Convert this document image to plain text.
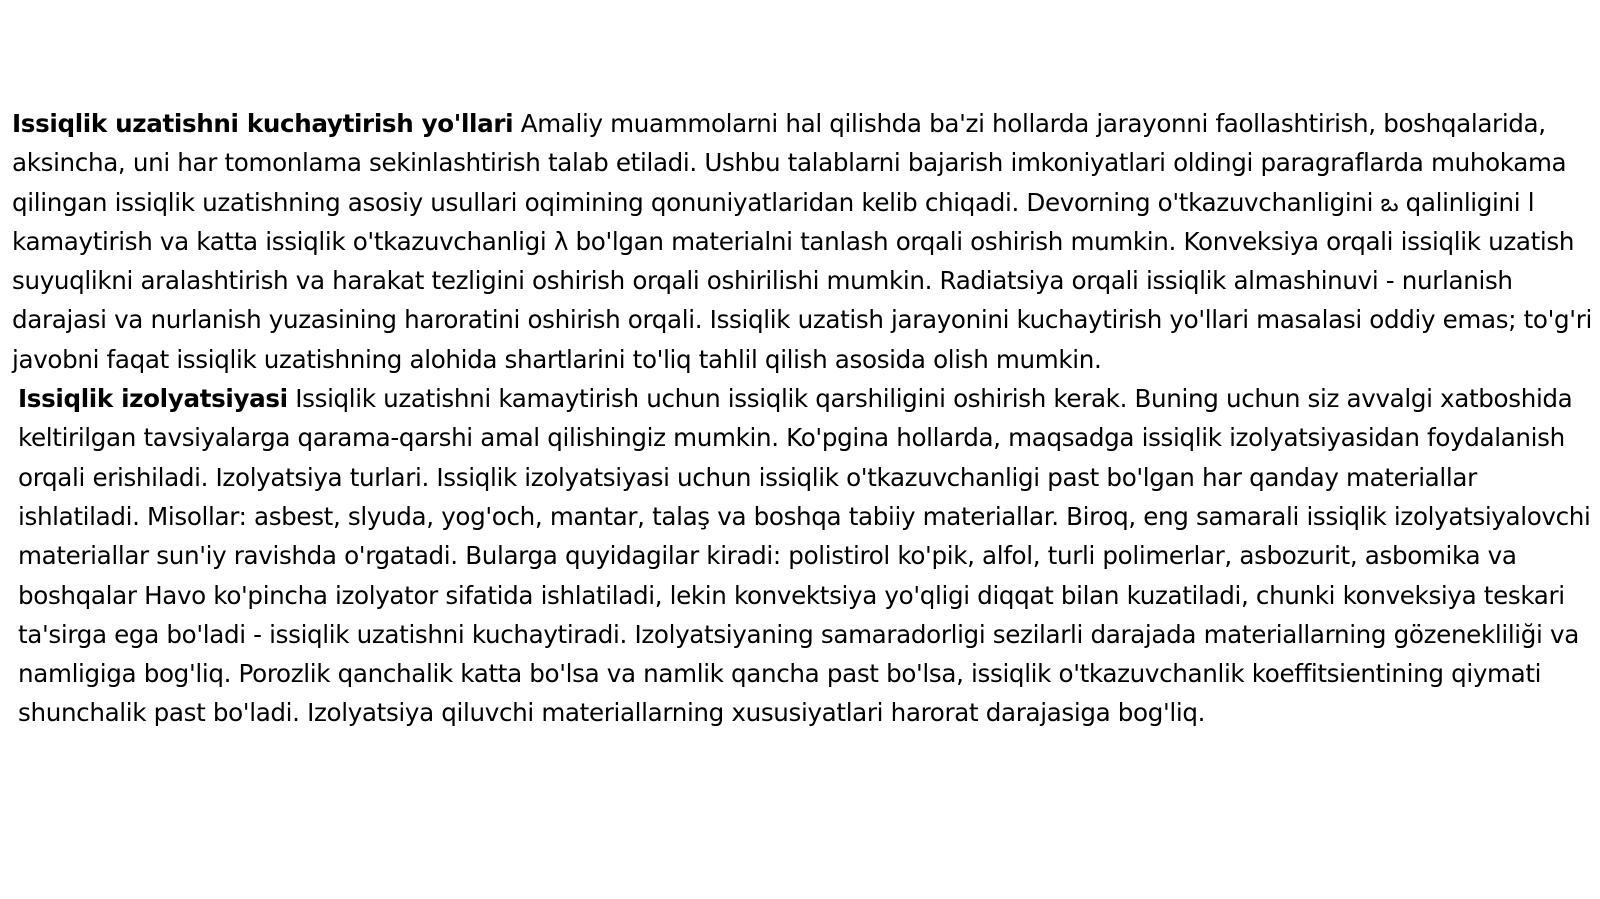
Issiqlik uzatishni kuchaytirish yo'llari Amaliy muammolarni hal qilishda ba'zi hollarda jarayonni faollashtirish, boshqalarida, aksincha, uni har tomonlama sekinlashtirish talab etiladi. Ushbu talablarni bajarish imkoniyatlari oldingi paragraflarda muhokama qilingan issiqlik uzatishning asosiy usullari oqimining qonuniyatlaridan kelib chiqadi. Devorning o'tkazuvchanligini ఒ qalinligini l kamaytirish va katta issiqlik o'tkazuvchanligi λ bo'lgan materialni tanlash orqali oshirish mumkin. Konveksiya orqali issiqlik uzatish suyuqlikni aralashtirish va harakat tezligini oshirish orqali oshirilishi mumkin. Radiatsiya orqali issiqlik almashinuvi - nurlanish darajasi va nurlanish yuzasining haroratini oshirish orqali. Issiqlik uzatish jarayonini kuchaytirish yo'llari masalasi oddiy emas; to'g'ri javobni faqat issiqlik uzatishning alohida shartlarini to'liq tahlil qilish asosida olish mumkin.

Issiqlik izolyatsiyasi Issiqlik uzatishni kamaytirish uchun issiqlik qarshiligini oshirish kerak. Buning uchun siz avvalgi xatboshida keltirilgan tavsiyalarga qarama-qarshi amal qilishingiz mumkin. Ko'pgina hollarda, maqsadga issiqlik izolyatsiyasidan foydalanish orqali erishiladi. Izolyatsiya turlari. Issiqlik izolyatsiyasi uchun issiqlik o'tkazuvchanligi past bo'lgan har qanday materiallar ishlatiladi. Misollar: asbest, slyuda, yog'och, mantar, talaş va boshqa tabiiy materiallar. Biroq, eng samarali issiqlik izolyatsiyalovchi materiallar sun'iy ravishda o'rgatadi. Bularga quyidagilar kiradi: polistirol ko'pik, alfol, turli polimerlar, asbozurit, asbomika va boshqalar Havo ko'pincha izolyator sifatida ishlatiladi, lekin konvektsiya yo'qligi diqqat bilan kuzatiladi, chunki konveksiya teskari ta'sirga ega bo'ladi - issiqlik uzatishni kuchaytiradi. Izolyatsiyaning samaradorligi sezilarli darajada materiallarning gözenekliliği va namligiga bog'liq. Porozlik qanchalik katta bo'lsa va namlik qancha past bo'lsa, issiqlik o'tkazuvchanlik koeffitsientining qiymati shunchalik past bo'ladi. Izolyatsiya qiluvchi materiallarning xususiyatlari harorat darajasiga bog'liq.
